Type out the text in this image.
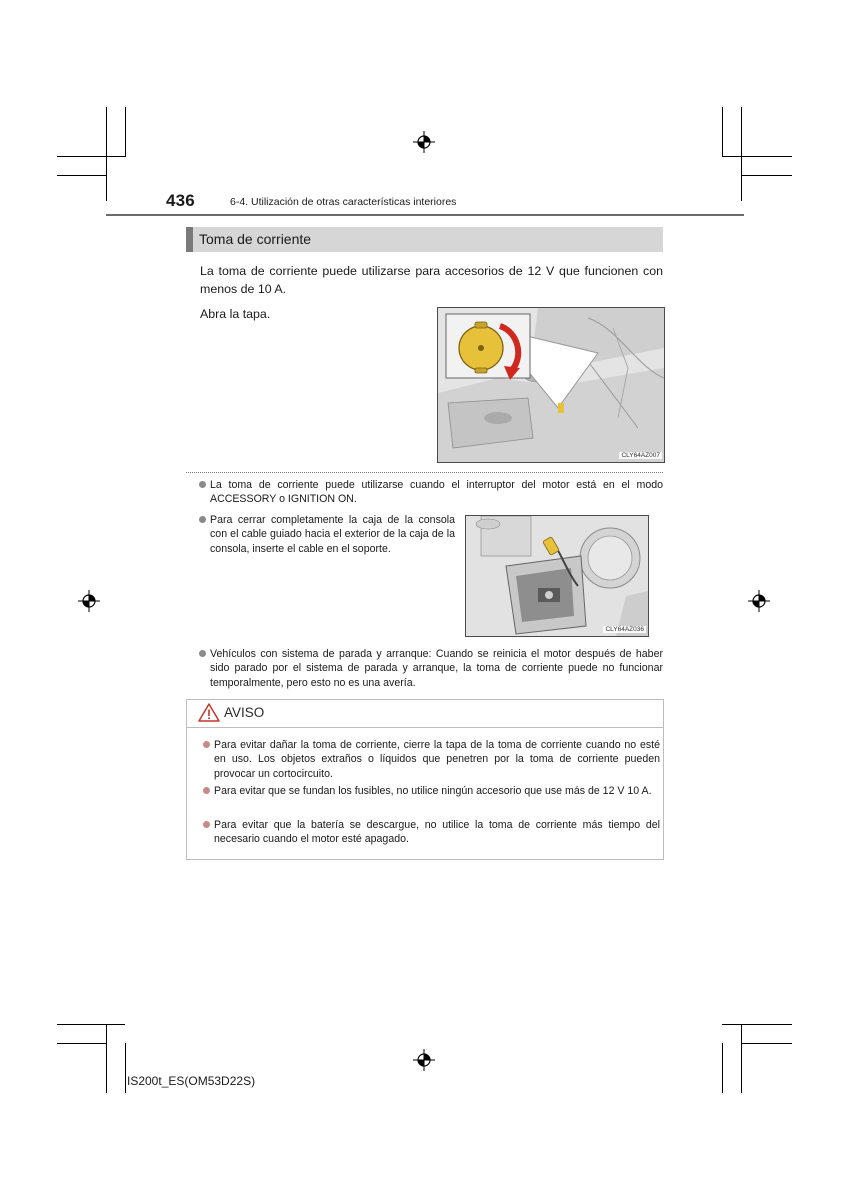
436	6-4. Utilización de otras características interiores
Toma de corriente
La toma de corriente puede utilizarse para accesorios de 12 V que funcionen con menos de 10 A.
Abra la tapa.
CLY64AZ007
La toma de corriente puede utilizarse cuando el interruptor del motor está en el modo ACCESSORY o IGNITION ON.
Para cerrar completamente la caja de la consola con el cable guiado hacia el exterior de la caja de la consola, inserte el cable en el soporte.
CLY64AZ036
Vehículos con sistema de parada y arranque: Cuando se reinicia el motor después de haber sido parado por el sistema de parada y arranque, la toma de corriente puede no funcionar temporalmente, pero esto no es una avería.
AVISO
Para evitar dañar la toma de corriente, cierre la tapa de la toma de corriente cuando no esté en uso. Los objetos extraños o líquidos que penetren por la toma de corriente pueden provocar un cortocircuito.
Para evitar que se fundan los fusibles, no utilice ningún accesorio que use más de 12 V 10 A.
Para evitar que la batería se descargue, no utilice la toma de corriente más tiempo del necesario cuando el motor esté apagado.
IS200t_ES(OM53D22S)
